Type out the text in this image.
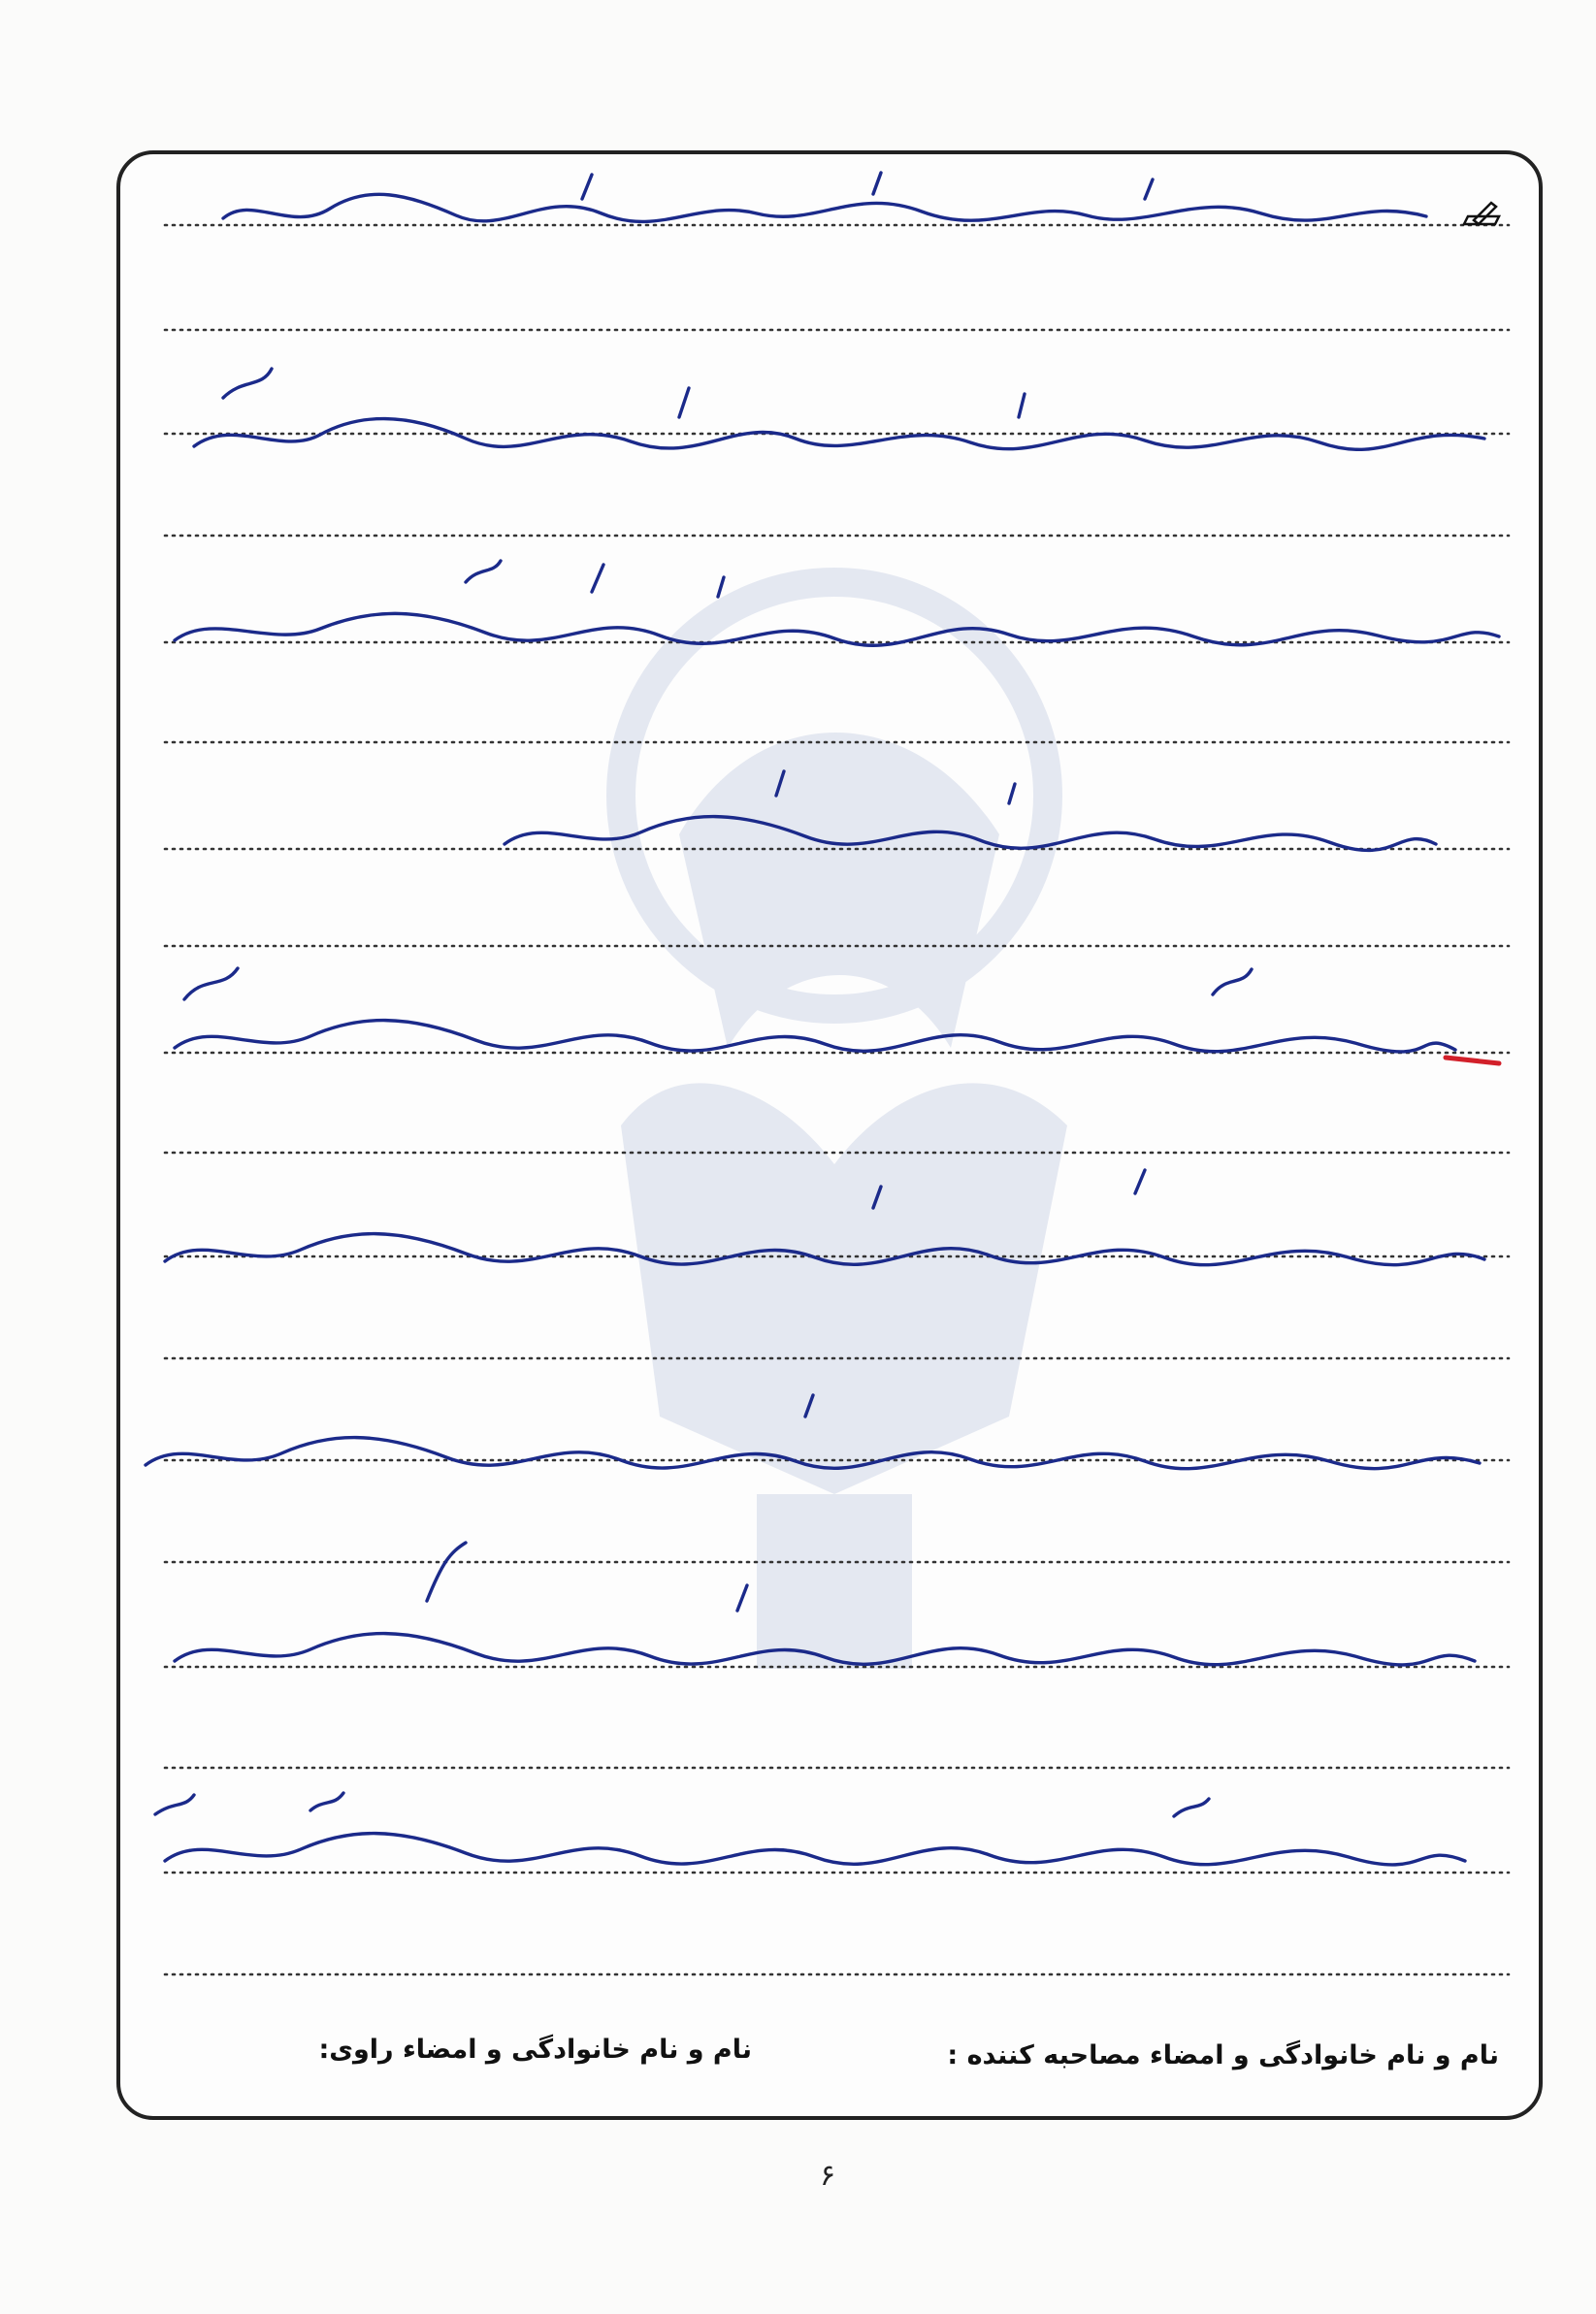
نام و نام خانوادگی و امضاء مصاحبه کننده :
نام و نام خانوادگی و امضاء راوی:
۶
